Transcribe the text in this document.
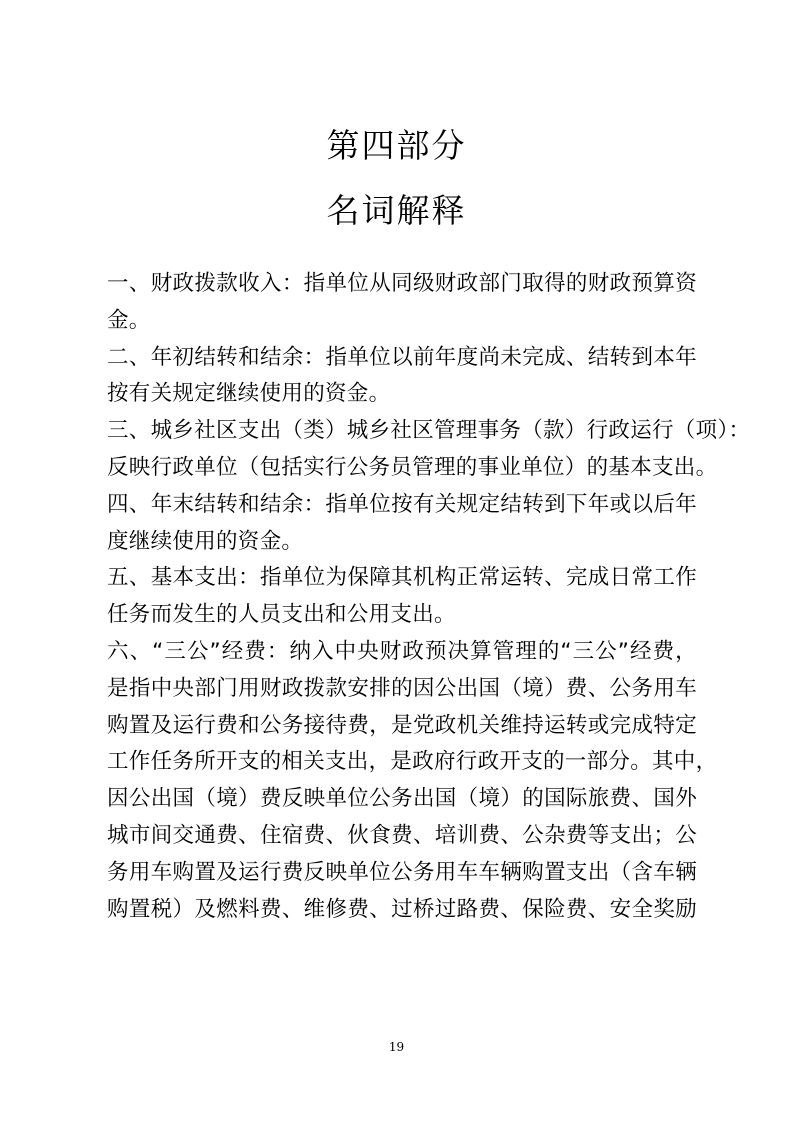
第四部分
名词解释
一、财政拨款收入：指单位从同级财政部门取得的财政预算资
金。
二、年初结转和结余：指单位以前年度尚未完成、结转到本年
按有关规定继续使用的资金。
三、城乡社区支出（类）城乡社区管理事务（款）行政运行（项）：
反映行政单位（包括实行公务员管理的事业单位）的基本支出。
四、年末结转和结余：指单位按有关规定结转到下年或以后年
度继续使用的资金。
五、基本支出：指单位为保障其机构正常运转、完成日常工作
任务而发生的人员支出和公用支出。
六、“三公”经费：纳入中央财政预决算管理的“三公”经费，
是指中央部门用财政拨款安排的因公出国（境）费、公务用车
购置及运行费和公务接待费，是党政机关维持运转或完成特定
工作任务所开支的相关支出，是政府行政开支的一部分。其中，
因公出国（境）费反映单位公务出国（境）的国际旅费、国外
城市间交通费、住宿费、伙食费、培训费、公杂费等支出；公
务用车购置及运行费反映单位公务用车车辆购置支出（含车辆
购置税）及燃料费、维修费、过桥过路费、保险费、安全奖励
19
